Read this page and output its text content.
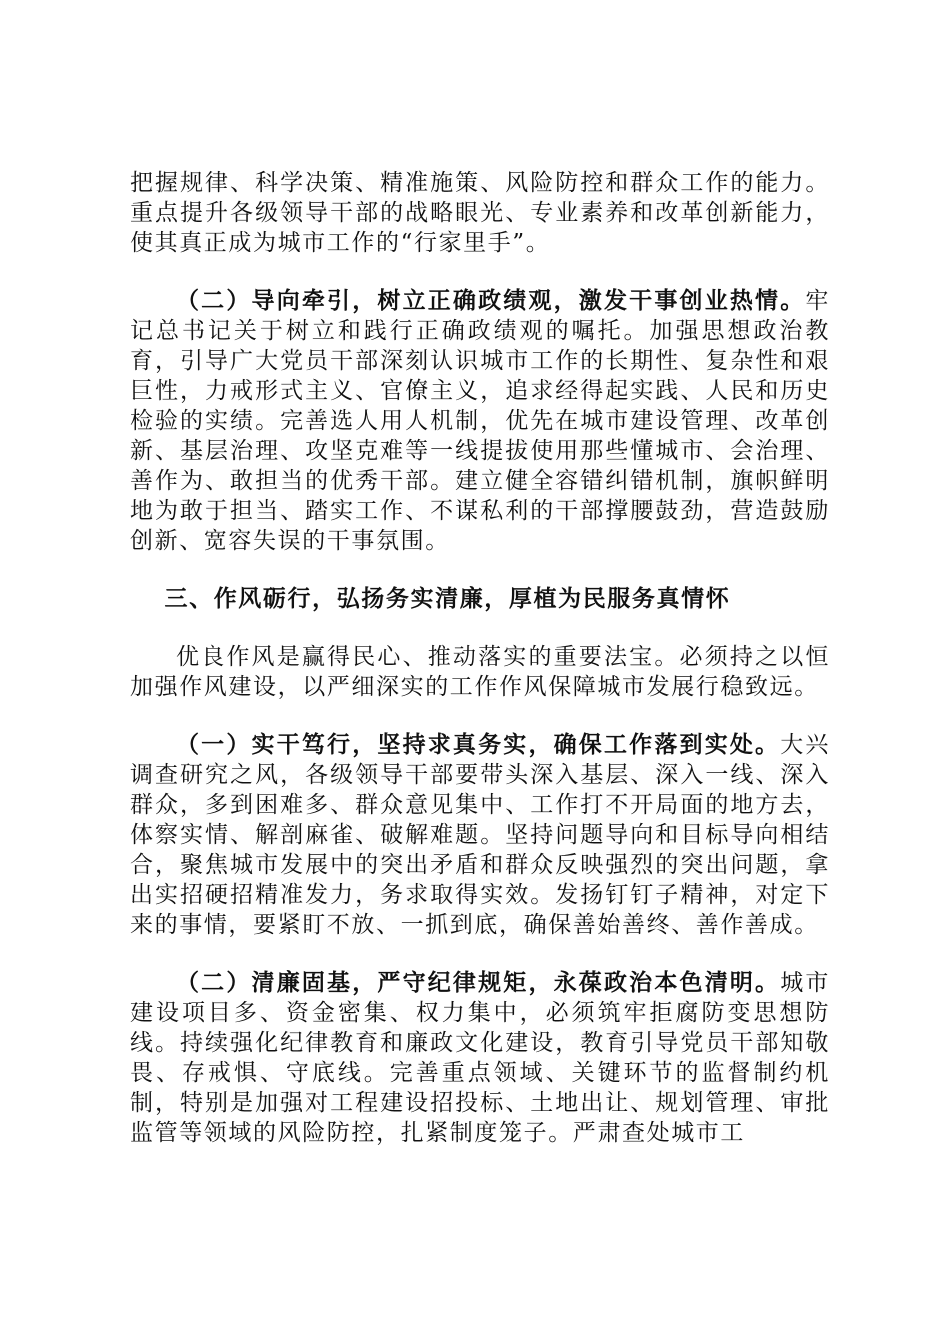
把握规律、科学决策、精准施策、风险防控和群众工作的能力。重点提升各级领导干部的战略眼光、专业素养和改革创新能力，使其真正成为城市工作的“行家里手”。

（二）导向牵引，树立正确政绩观，激发干事创业热情。牢记总书记关于树立和践行正确政绩观的嘱托。加强思想政治教育，引导广大党员干部深刻认识城市工作的长期性、复杂性和艰巨性，力戒形式主义、官僚主义，追求经得起实践、人民和历史检验的实绩。完善选人用人机制，优先在城市建设管理、改革创新、基层治理、攻坚克难等一线提拔使用那些懂城市、会治理、善作为、敢担当的优秀干部。建立健全容错纠错机制，旗帜鲜明地为敢于担当、踏实工作、不谋私利的干部撑腰鼓劲，营造鼓励创新、宽容失误的干事氛围。

三、作风砺行，弘扬务实清廉，厚植为民服务真情怀

优良作风是赢得民心、推动落实的重要法宝。必须持之以恒加强作风建设，以严细深实的工作作风保障城市发展行稳致远。

（一）实干笃行，坚持求真务实，确保工作落到实处。大兴调查研究之风，各级领导干部要带头深入基层、深入一线、深入群众，多到困难多、群众意见集中、工作打不开局面的地方去，体察实情、解剖麻雀、破解难题。坚持问题导向和目标导向相结合，聚焦城市发展中的突出矛盾和群众反映强烈的突出问题，拿出实招硬招精准发力，务求取得实效。发扬钉钉子精神，对定下来的事情，要紧盯不放、一抓到底，确保善始善终、善作善成。

（二）清廉固基，严守纪律规矩，永葆政治本色清明。城市建设项目多、资金密集、权力集中，必须筑牢拒腐防变思想防线。持续强化纪律教育和廉政文化建设，教育引导党员干部知敬畏、存戒惧、守底线。完善重点领域、关键环节的监督制约机制，特别是加强对工程建设招投标、土地出让、规划管理、审批监管等领域的风险防控，扎紧制度笼子。严肃查处城市工
